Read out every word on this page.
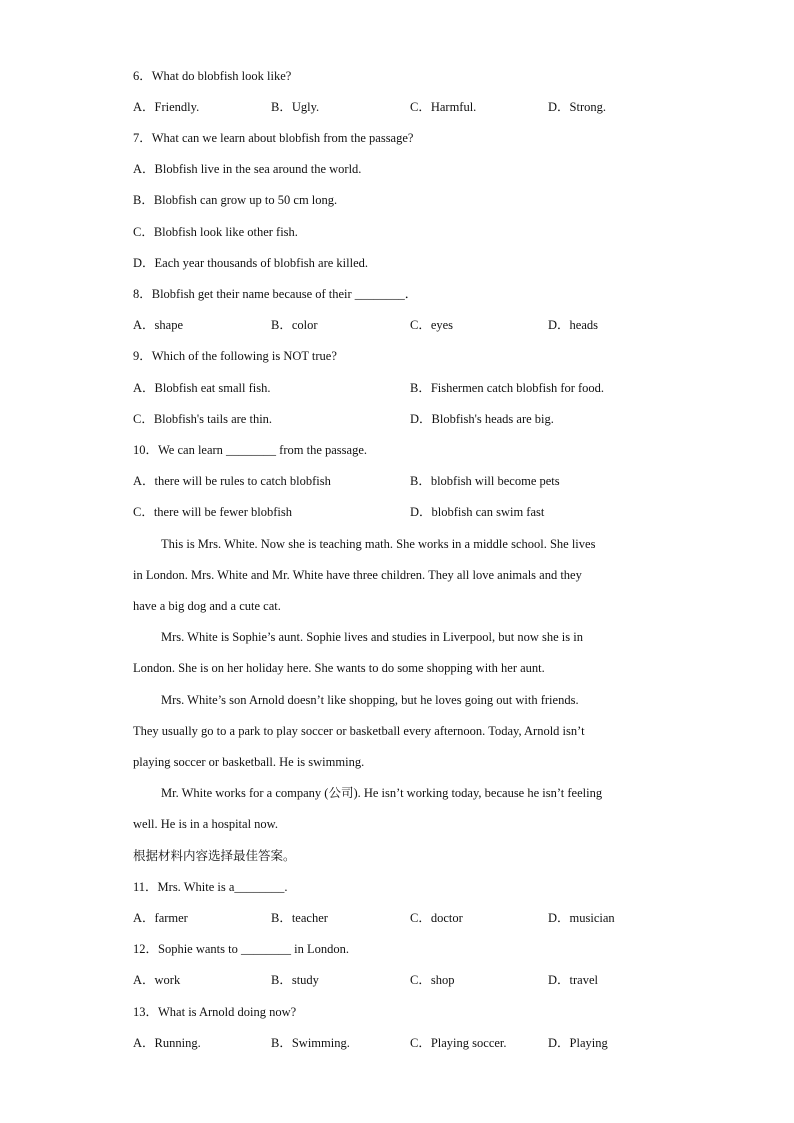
6．What do blobfish look like?
A．Friendly.	B．Ugly.	C．Harmful.	D．Strong.
7．What can we learn about blobfish from the passage?
A．Blobfish live in the sea around the world.
B．Blobfish can grow up to 50 cm long.
C．Blobfish look like other fish.
D．Each year thousands of blobfish are killed.
8．Blobfish get their name because of their ________．
A．shape	B．color	C．eyes	D．heads
9．Which of the following is NOT true?
A．Blobfish eat small fish.	B．Fishermen catch blobfish for food.
C．Blobfish's tails are thin.	D．Blobfish's heads are big.
10．We can learn ________ from the passage.
A．there will be rules to catch blobfish	B．blobfish will become pets
C．there will be fewer blobfish	D．blobfish can swim fast
This is Mrs. White. Now she is teaching math. She works in a middle school. She lives
in London. Mrs. White and Mr. White have three children. They all love animals and they
have a big dog and a cute cat.
Mrs. White is Sophie’s aunt. Sophie lives and studies in Liverpool, but now she is in
London. She is on her holiday here. She wants to do some shopping with her aunt.
Mrs. White’s son Arnold doesn’t like shopping, but he loves going out with friends.
They usually go to a park to play soccer or basketball every afternoon. Today, Arnold isn’t
playing soccer or basketball. He is swimming.
Mr. White works for a company (公司). He isn’t working today, because he isn’t feeling
well. He is in a hospital now.
根据材料内容选择最佳答案。
11．Mrs. White is a________.
A．farmer	B．teacher	C．doctor	D．musician
12．Sophie wants to ________ in London.
A．work	B．study	C．shop	D．travel
13．What is Arnold doing now?
A．Running.	B．Swimming.	C．Playing soccer.	D．Playing
